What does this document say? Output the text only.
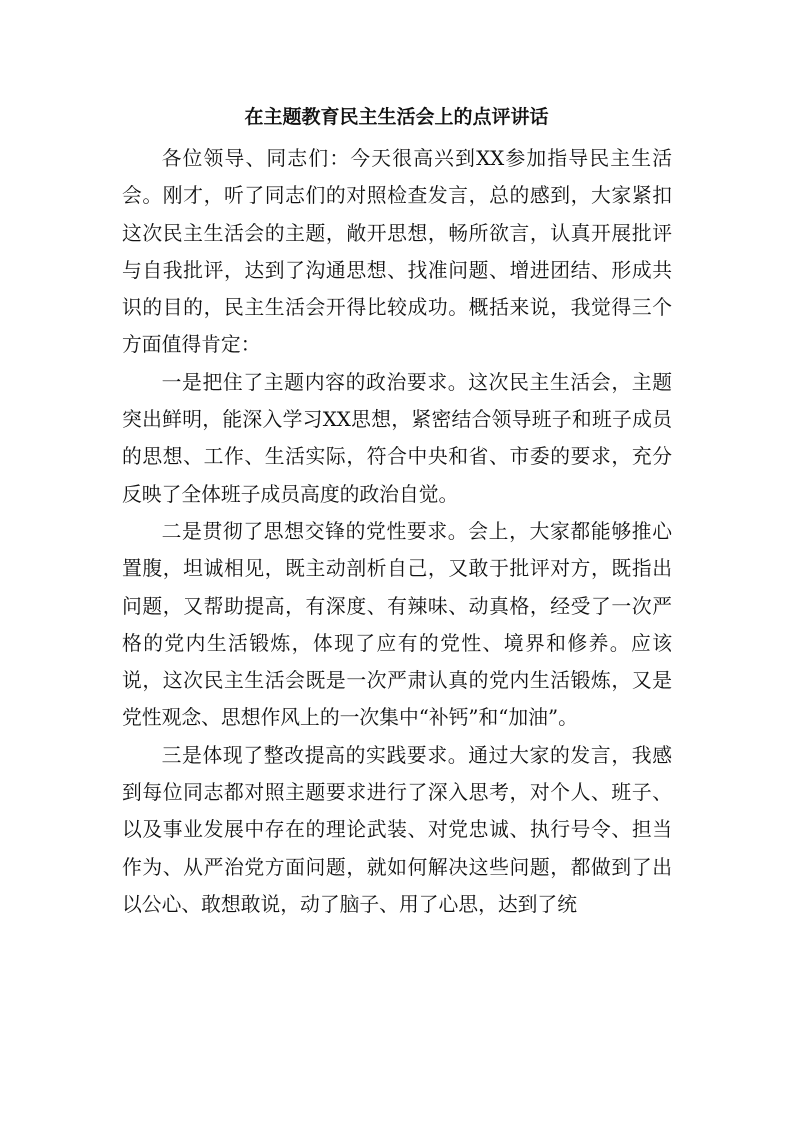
在主题教育民主生活会上的点评讲话

各位领导、同志们：今天很高兴到XX参加指导民主生活会。刚才，听了同志们的对照检查发言，总的感到，大家紧扣这次民主生活会的主题，敞开思想，畅所欲言，认真开展批评与自我批评，达到了沟通思想、找准问题、增进团结、形成共识的目的，民主生活会开得比较成功。概括来说，我觉得三个方面值得肯定：

一是把住了主题内容的政治要求。这次民主生活会，主题突出鲜明，能深入学习XX思想，紧密结合领导班子和班子成员的思想、工作、生活实际，符合中央和省、市委的要求，充分反映了全体班子成员高度的政治自觉。

二是贯彻了思想交锋的党性要求。会上，大家都能够推心置腹，坦诚相见，既主动剖析自己，又敢于批评对方，既指出问题，又帮助提高，有深度、有辣味、动真格，经受了一次严格的党内生活锻炼，体现了应有的党性、境界和修养。应该说，这次民主生活会既是一次严肃认真的党内生活锻炼，又是党性观念、思想作风上的一次集中“补钙”和“加油”。

三是体现了整改提高的实践要求。通过大家的发言，我感到每位同志都对照主题要求进行了深入思考，对个人、班子、以及事业发展中存在的理论武装、对党忠诚、执行号令、担当作为、从严治党方面问题，就如何解决这些问题，都做到了出以公心、敢想敢说，动了脑子、用了心思，达到了统
